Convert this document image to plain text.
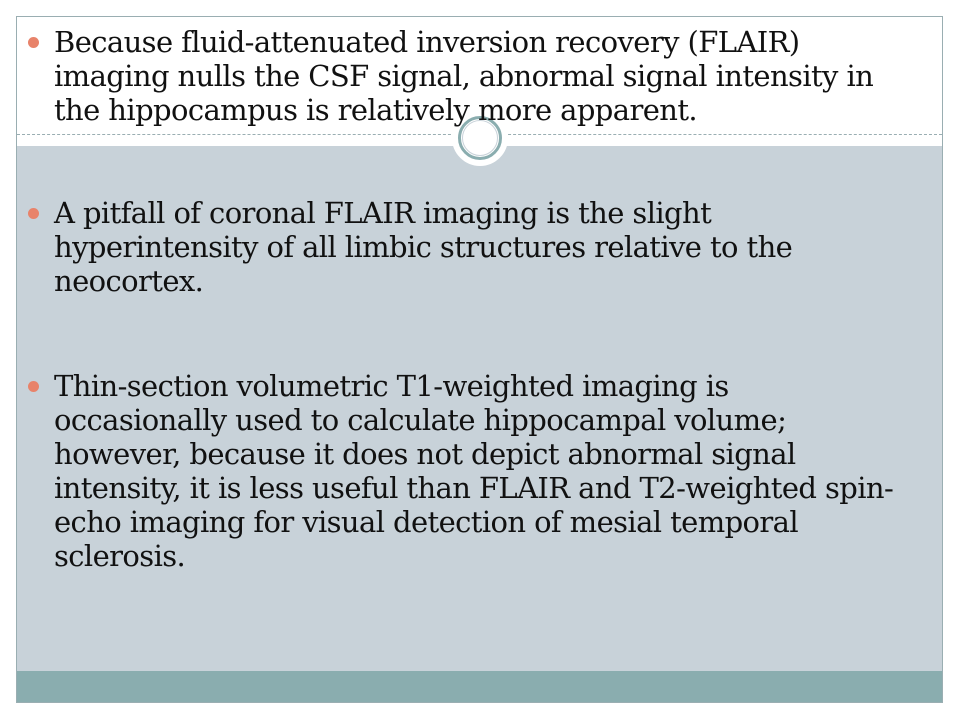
Because fluid-attenuated inversion recovery (FLAIR) imaging nulls the CSF signal, abnormal signal intensity in the hippocampus is relatively more apparent.
A pitfall of coronal FLAIR imaging is the slight hyperintensity of all limbic structures relative to the neocortex.
Thin-section volumetric T1-weighted imaging is occasionally used to calculate hippocampal volume; however, because it does not depict abnormal signal intensity, it is less useful than FLAIR and T2-weighted spin-echo imaging for visual detection of mesial temporal sclerosis.
